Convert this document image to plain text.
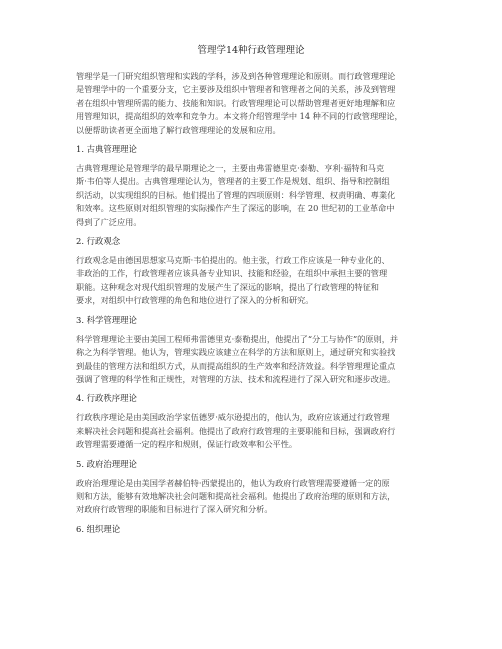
管理学14种行政管理理论

管理学是一门研究组织管理和实践的学科，涉及到各种管理理论和原则。而行政管理理论
是管理学中的一个重要分支，它主要涉及组织中管理者和管理者之间的关系，涉及到管理
者在组织中管理所需的能力、技能和知识。行政管理理论可以帮助管理者更好地理解和应
用管理知识，提高组织的效率和竞争力。本文将介绍管理学中 14 种不同的行政管理理论，
以便帮助读者更全面地了解行政管理理论的发展和应用。

1. 古典管理理论

古典管理理论是管理学的最早期理论之一，主要由弗雷德里克·泰勒、亨利·福特和马克
斯·韦伯等人提出。古典管理理论认为，管理者的主要工作是规划、组织、指导和控制组
织活动，以实现组织的目标。他们提出了管理的四项原则：科学管理、权责明确、專業化
和效率。这些原则对组织管理的实际操作产生了深远的影响，在 20 世纪初的工业革命中
得到了广泛应用。

2. 行政观念

行政观念是由德国思想家马克斯·韦伯提出的。他主张，行政工作应该是一种专业化的、
非政治的工作，行政管理者应该具备专业知识、技能和经验，在组织中承担主要的管理
职能。这种观念对现代组织管理的发展产生了深远的影响，提出了行政管理的特征和
要求，对组织中行政管理的角色和地位进行了深入的分析和研究。

3. 科学管理理论

科学管理理论主要由美国工程师弗雷德里克·泰勒提出，他提出了“分工与协作”的原则，并
称之为科学管理。他认为，管理实践应该建立在科学的方法和原则上，通过研究和实验找
到最佳的管理方法和组织方式，从而提高组织的生产效率和经济效益。科学管理理论重点
强调了管理的科学性和正规性，对管理的方法、技术和流程进行了深入研究和逐步改进。

4. 行政秩序理论

行政秩序理论是由美国政治学家伍德罗·威尔逊提出的，他认为，政府应该通过行政管理
来解决社会问题和提高社会福利。他提出了政府行政管理的主要职能和目标，强调政府行
政管理需要遵循一定的程序和规则，保证行政效率和公平性。

5. 政府治理理论

政府治理理论是由美国学者赫伯特·西蒙提出的，他认为政府行政管理需要遵循一定的原
则和方法，能够有效地解决社会问题和提高社会福利。他提出了政府治理的原则和方法，
对政府行政管理的职能和目标进行了深入研究和分析。

6. 组织理论
